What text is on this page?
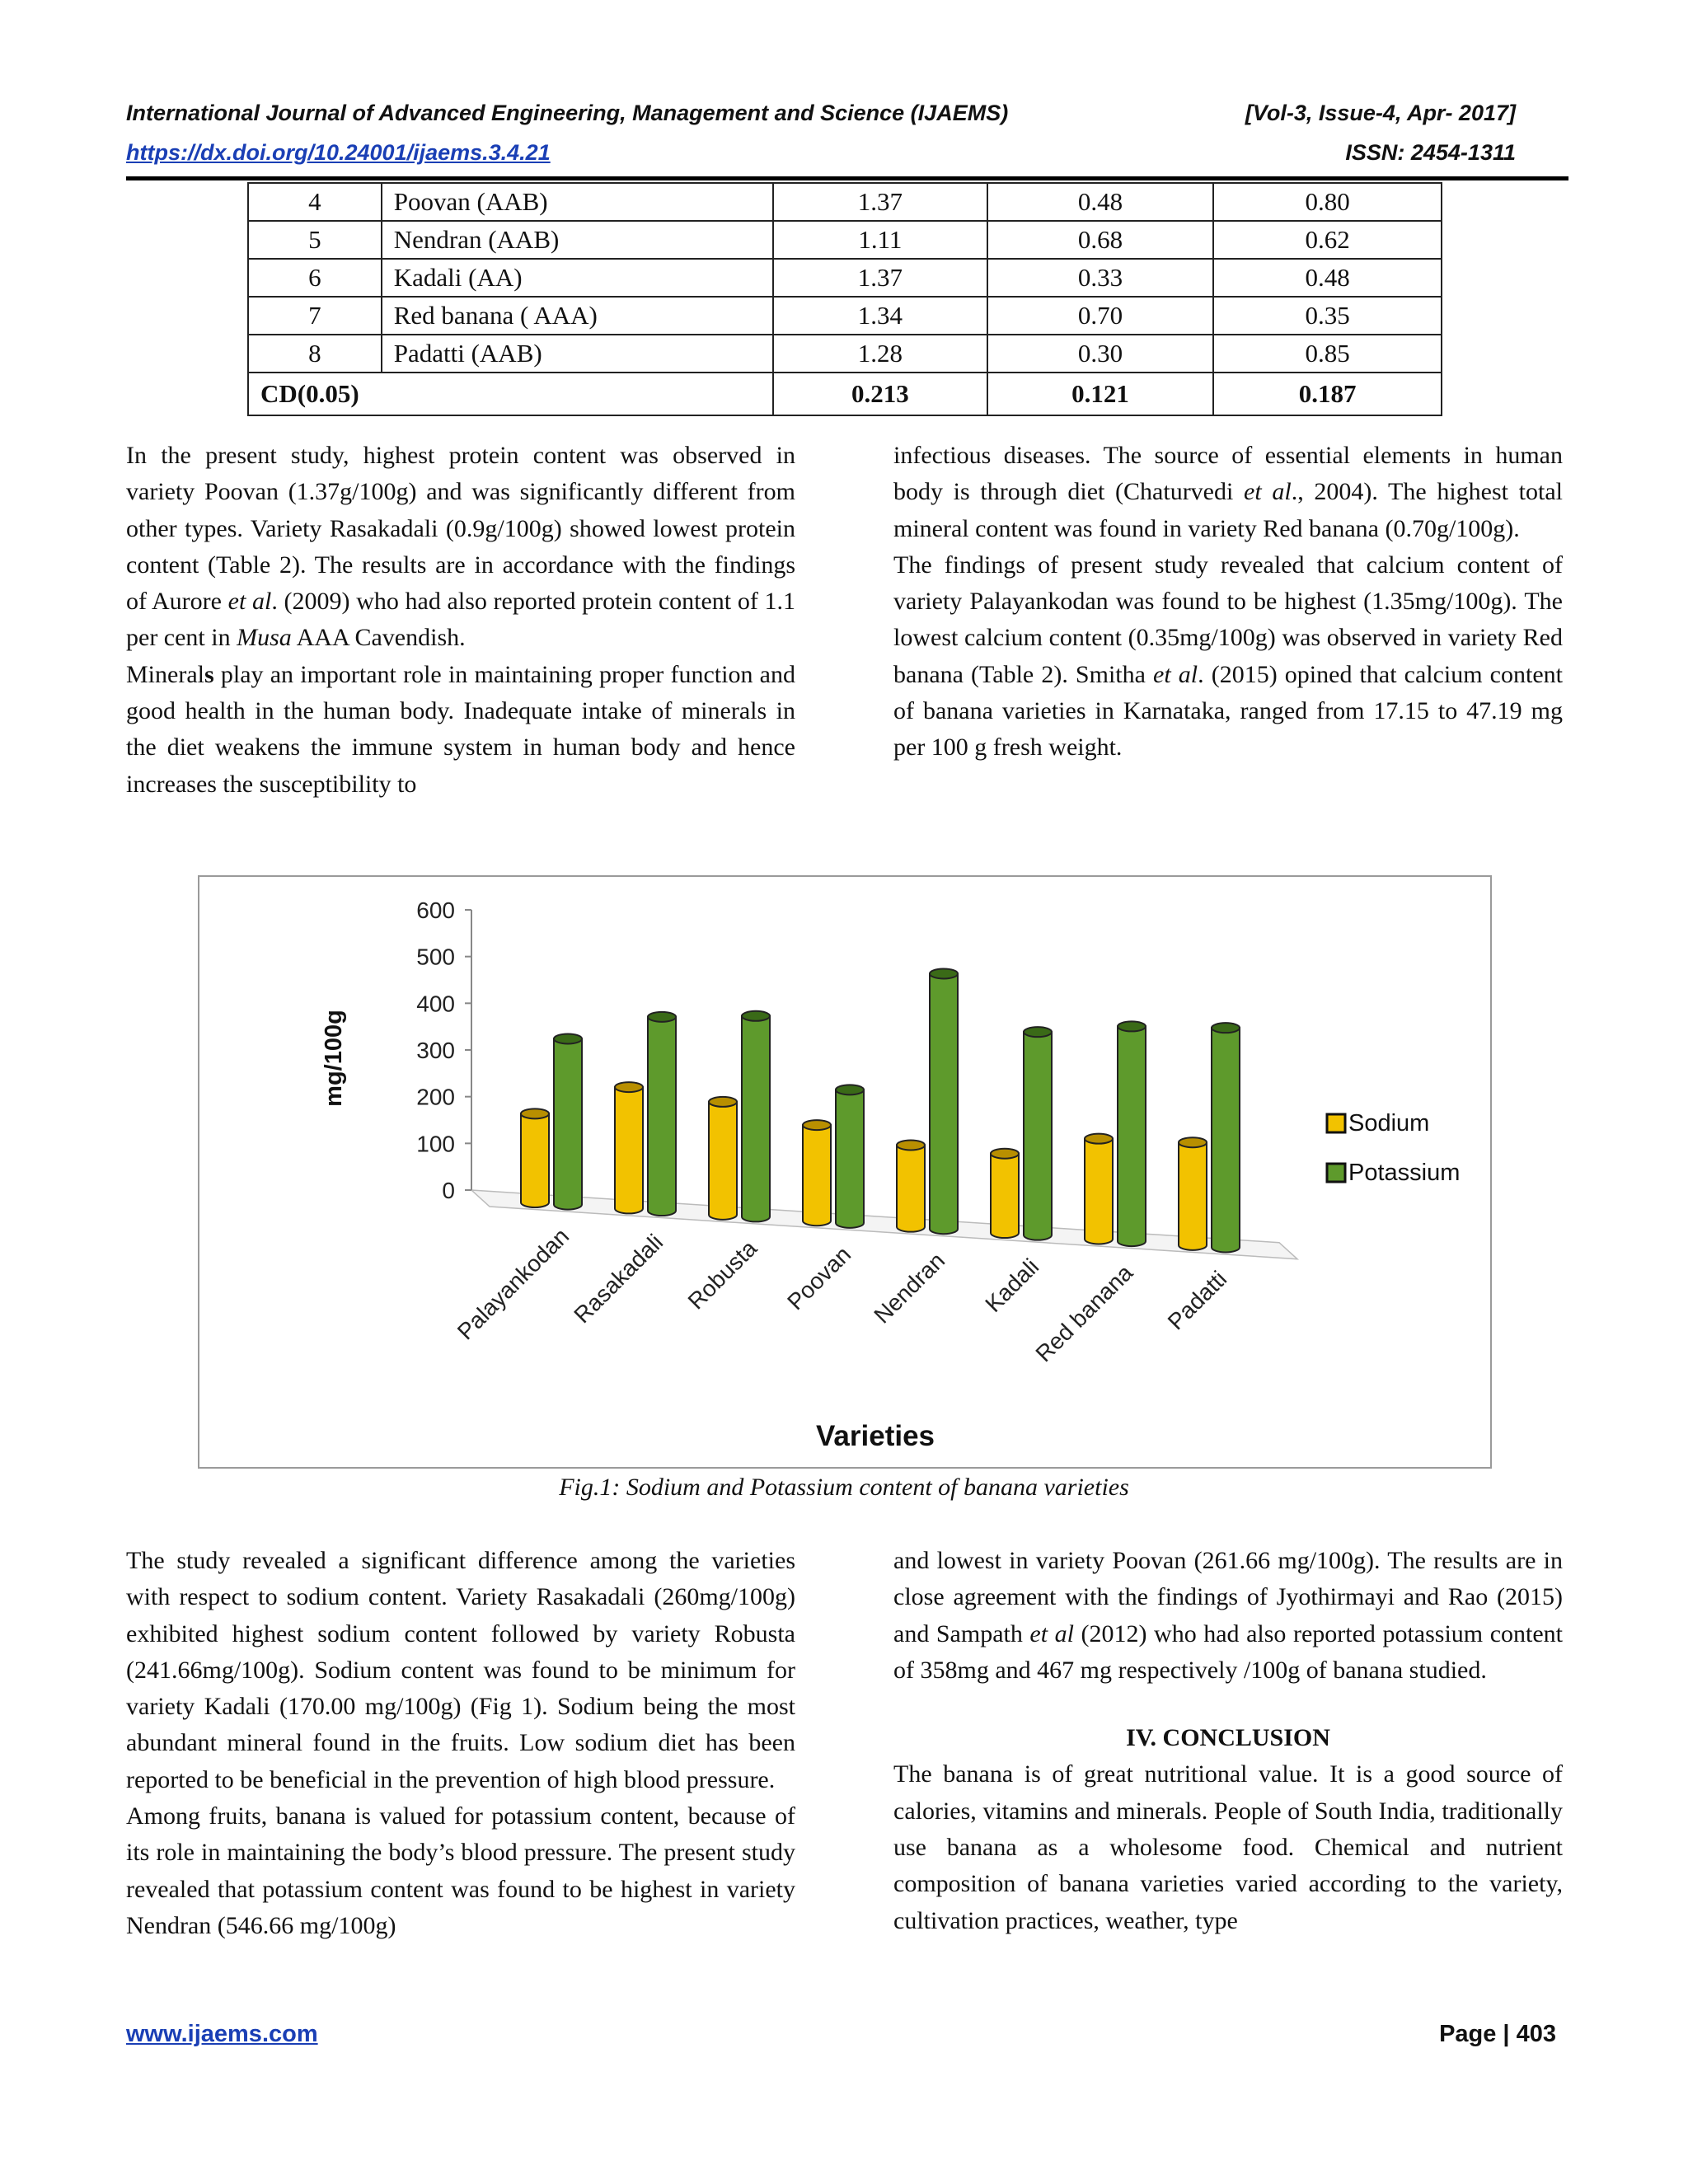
International Journal of Advanced Engineering, Management and Science (IJAEMS)	[Vol-3, Issue-4, Apr- 2017]
https://dx.doi.org/10.24001/ijaems.3.4.21	ISSN: 2454-1311
4	Poovan (AAB)	1.37	0.48	0.80
5	Nendran (AAB)	1.11	0.68	0.62
6	Kadali (AA)	1.37	0.33	0.48
7	Red banana ( AAA)	1.34	0.70	0.35
8	Padatti (AAB)	1.28	0.30	0.85
CD(0.05)		0.213	0.121	0.187

In the present study, highest protein content was observed in variety Poovan (1.37g/100g) and was significantly different from other types. Variety Rasakadali (0.9g/100g) showed lowest protein content (Table 2). The results are in accordance with the findings of Aurore et al. (2009) who had also reported protein content of 1.1 per cent in Musa AAA Cavendish.

Minerals play an important role in maintaining proper function and good health in the human body. Inadequate intake of minerals in the diet weakens the immune system in human body and hence increases the susceptibility to

infectious diseases. The source of essential elements in human body is through diet (Chaturvedi et al., 2004). The highest total mineral content was found in variety Red banana (0.70g/100g).

The findings of present study revealed that calcium content of variety Palayankodan was found to be highest (1.35mg/100g). The lowest calcium content (0.35mg/100g) was observed in variety Red banana (Table 2). Smitha et al. (2015) opined that calcium content of banana varieties in Karnataka, ranged from 17.15 to 47.19 mg per 100 g fresh weight.

0
100
200
300
400
500
600
mg/100g
Palayankodan
Rasakadali Robusta Poovan Nendran Kadali
Red banana Padatti
Varieties
Sodium
Potassium
Fig.1: Sodium and Potassium content of banana varieties

The study revealed a significant difference among the varieties with respect to sodium content. Variety Rasakadali (260mg/100g) exhibited highest sodium content followed by variety Robusta (241.66mg/100g). Sodium content was found to be minimum for variety Kadali (170.00 mg/100g) (Fig 1). Sodium being the most abundant mineral found in the fruits. Low sodium diet has been reported to be beneficial in the prevention of high blood pressure.

Among fruits, banana is valued for potassium content, because of its role in maintaining the body’s blood pressure. The present study revealed that potassium content was found to be highest in variety Nendran (546.66 mg/100g)

and lowest in variety Poovan (261.66 mg/100g). The results are in close agreement with the findings of Jyothirmayi and Rao (2015) and Sampath et al (2012) who had also reported potassium content of 358mg and 467 mg respectively /100g of banana studied.

IV. CONCLUSION

The banana is of great nutritional value. It is a good source of calories, vitamins and minerals. People of South India, traditionally use banana as a wholesome food. Chemical and nutrient composition of banana varieties varied according to the variety, cultivation practices, weather, type

www.ijaems.com	Page | 403
